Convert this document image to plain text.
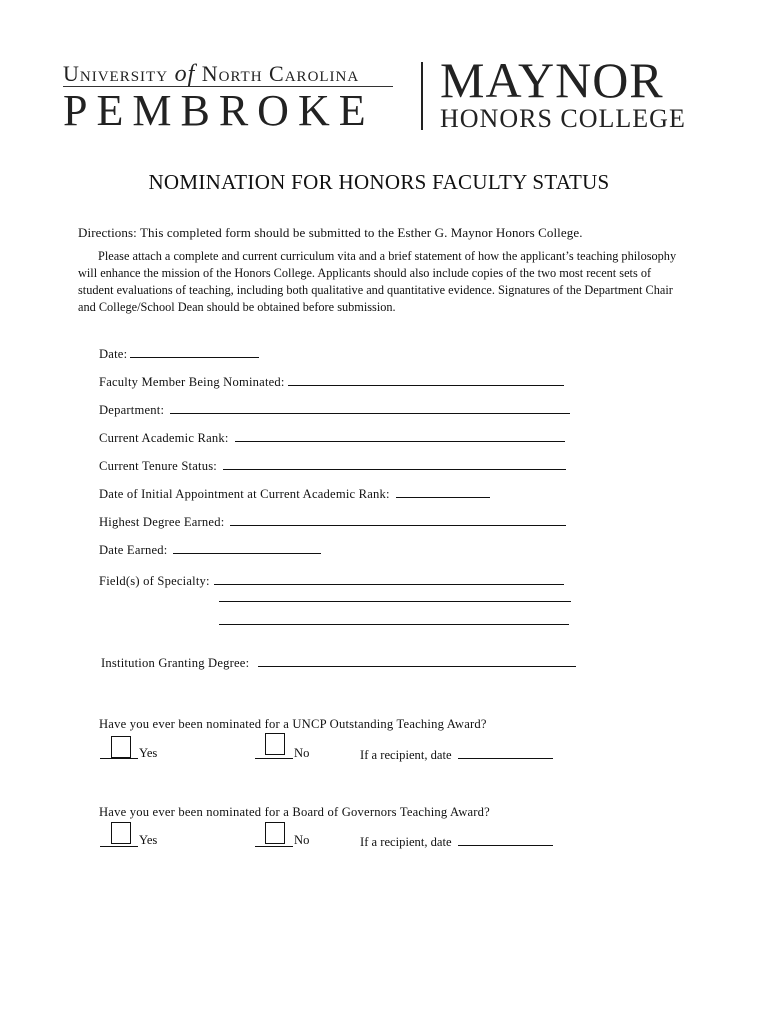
University of North Carolina
PEMBROKE
MAYNOR
HONORS COLLEGE
NOMINATION FOR HONORS FACULTY STATUS
Directions: This completed form should be submitted to the Esther G. Maynor Honors College.
Please attach a complete and current curriculum vita and a brief statement of how the applicant’s teaching philosophy will enhance the mission of the Honors College. Applicants should also include copies of the two most recent sets of student evaluations of teaching, including both qualitative and quantitative evidence. Signatures of the Department Chair and College/School Dean should be obtained before submission.
Date:
Faculty Member Being Nominated:
Department:
Current Academic Rank:
Current Tenure Status:
Date of Initial Appointment at Current Academic Rank:
Highest Degree Earned:
Date Earned:
Field(s) of Specialty:
Institution Granting Degree:
Have you ever been nominated for a UNCP Outstanding Teaching Award?
Yes	No	If a recipient, date
Have you ever been nominated for a Board of Governors Teaching Award?
Yes	No	If a recipient, date
